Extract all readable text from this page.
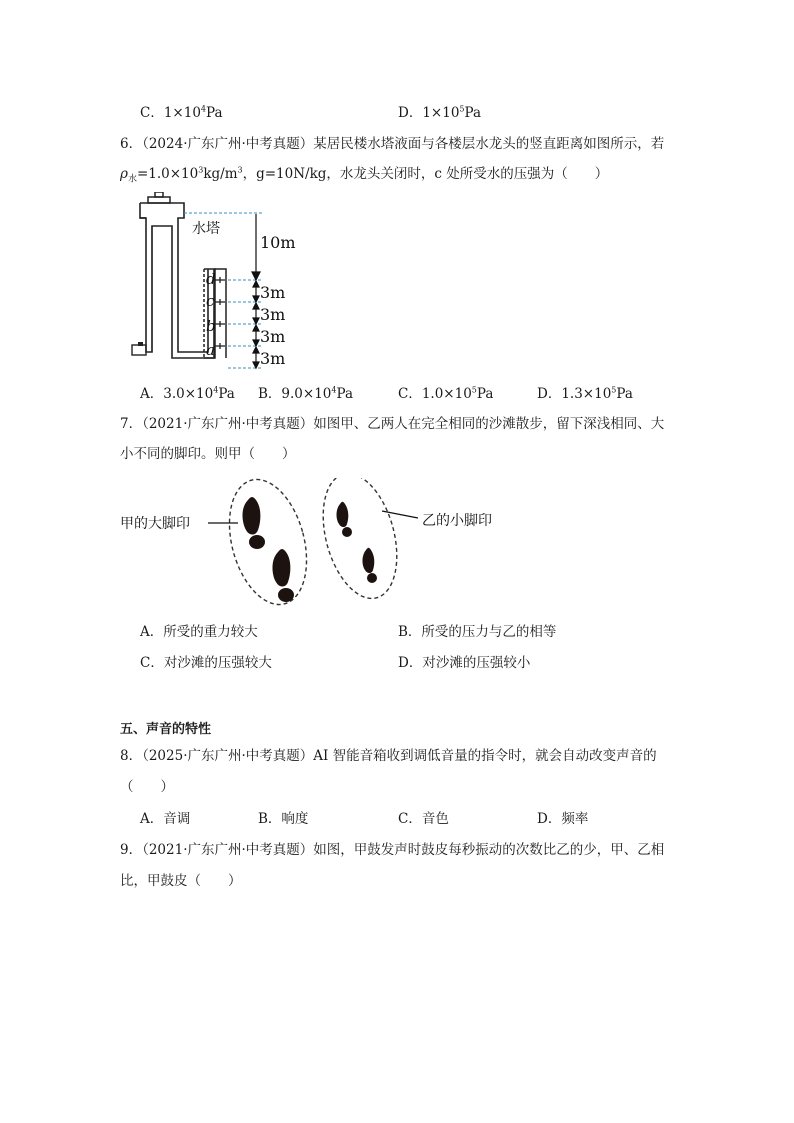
C．$1\times 10^4Pa$	D．$1\times 10^5Pa$
6．（2024·广东广州·中考真题）某居民楼水塔液面与各楼层水龙头的竖直距离如图所示，若
$\rho_水=1.0\times 10^3kg/m^3$，g=10N/kg，水龙头关闭时，c 处所受水的压强为（　　）
d
c
b
a
水塔
10m
3m
3m
3m
3m
A．$3.0\times 10^4Pa$ B．$9.0\times 10^4Pa$	C．$1.0\times 10^5Pa$	D．$1.3\times 10^5Pa$
7．（2021·广东广州·中考真题）如图甲、乙两人在完全相同的沙滩散步，留下深浅相同、大
小不同的脚印。则甲（　　）
甲的大脚印	乙的小脚印
A．所受的重力较大	B．所受的压力与乙的相等
C．对沙滩的压强较大	D．对沙滩的压强较小
五、声音的特性
8．（2025·广东广州·中考真题）AI 智能音箱收到调低音量的指令时，就会自动改变声音的
（　　）
A．音调	B．响度	C．音色	D．频率
9．（2021·广东广州·中考真题）如图，甲鼓发声时鼓皮每秒振动的次数比乙的少，甲、乙相
比，甲鼓皮（　　）
